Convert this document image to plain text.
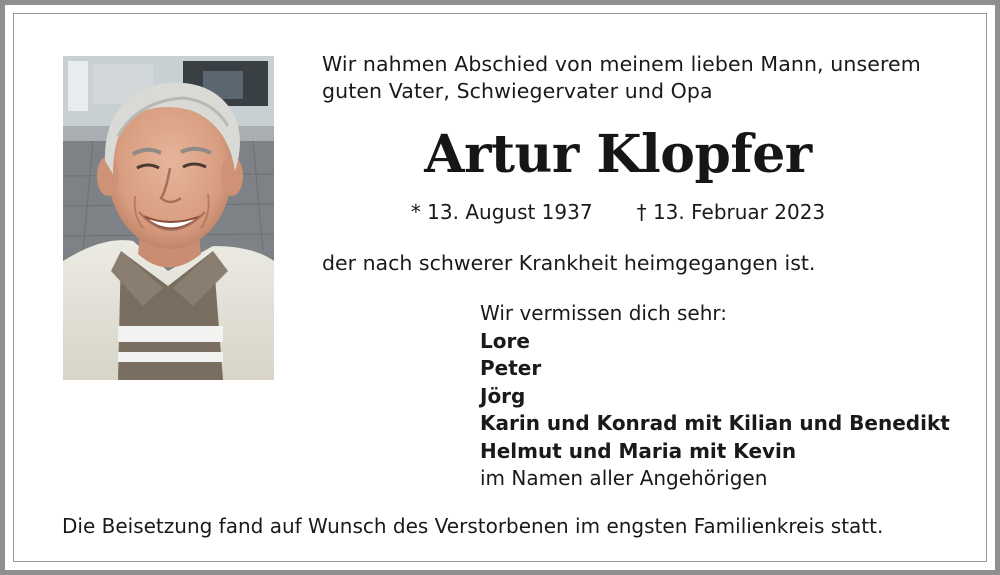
Wir nahmen Abschied von meinem lieben Mann, unserem
guten Vater, Schwiegervater und Opa
Artur Klopfer
* 13. August 1937 † 13. Februar 2023
der nach schwerer Krankheit heimgegangen ist.
Wir vermissen dich sehr:
Lore
Peter
Jörg
Karin und Konrad mit Kilian und Benedikt
Helmut und Maria mit Kevin
im Namen aller Angehörigen
Die Beisetzung fand auf Wunsch des Verstorbenen im engsten Familienkreis statt.
